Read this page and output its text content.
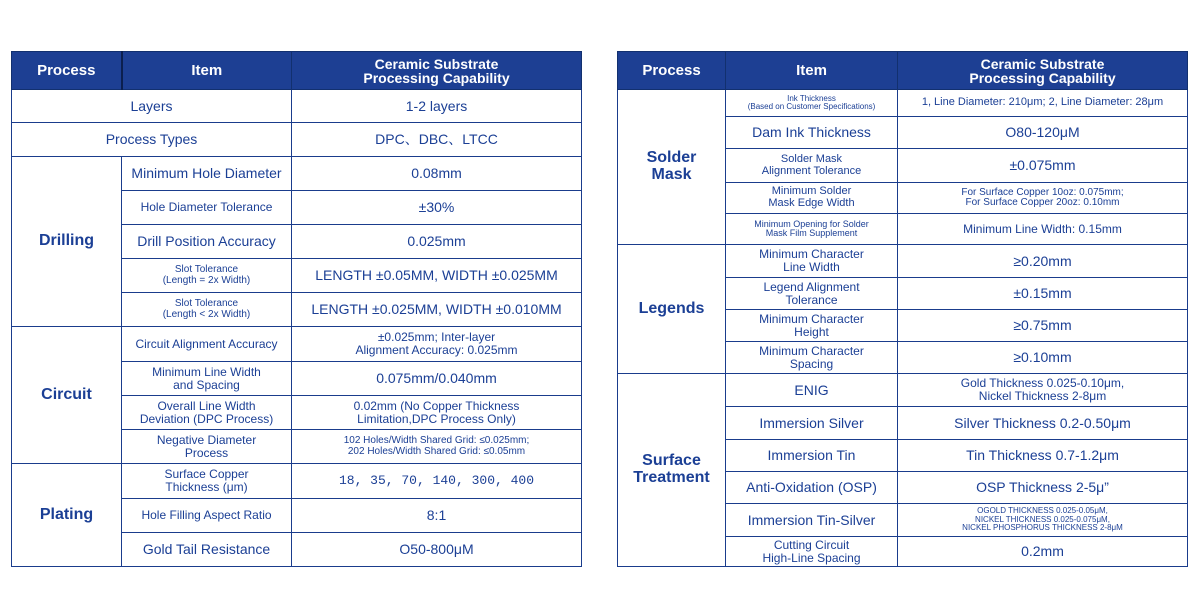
Process	Item	Ceramic Substrate
Processing Capability

Layers		1-2 layers
Process Types		DPC、DBC、LTCC
Drilling	Minimum Hole Diameter	0.08mm
	Hole Diameter Tolerance	±30%
	Drill Position Accuracy	0.025mm
	Slot Tolerance
(Length = 2x Width)	LENGTH ±0.05MM, WIDTH ±0.025MM
	Slot Tolerance
(Length < 2x Width)	LENGTH ±0.025MM, WIDTH ±0.010MM
Circuit	Circuit Alignment Accuracy	±0.025mm; Inter-layer
Alignment Accuracy: 0.025mm
	Minimum Line Width
and Spacing	0.075mm/0.040mm
	Overall Line Width
Deviation (DPC Process)	0.02mm (No Copper Thickness
Limitation,DPC Process Only)
	Negative Diameter
Process	102 Holes/Width Shared Grid: ≤0.025mm;
202 Holes/Width Shared Grid: ≤0.05mm
Plating	Surface Copper
Thickness (μm)	18, 35, 70, 140, 300, 400
	Hole Filling Aspect Ratio	8:1
	Gold Tail Resistance	O50-800μM
Process	Item	Ceramic Substrate
Processing Capability

Solder
Mask	Ink Thickness
(Based on Customer Specifications)	1, Line Diameter: 210μm; 2, Line Diameter: 28μm
	Dam Ink Thickness	O80-120μM
	Solder Mask
Alignment Tolerance	±0.075mm
	Minimum Solder
Mask Edge Width	For Surface Copper 10oz: 0.075mm;
For Surface Copper 20oz: 0.10mm
	Minimum Opening for Solder
Mask Film Supplement	Minimum Line Width: 0.15mm
Legends	Minimum Character
Line Width	≥0.20mm
	Legend Alignment
Tolerance	±0.15mm
	Minimum Character
Height	≥0.75mm
	Minimum Character
Spacing	≥0.10mm
Surface
Treatment	ENIG	Gold Thickness 0.025-0.10μm,
Nickel Thickness 2-8μm
	Immersion Silver	Silver Thickness 0.2-0.50μm
	Immersion Tin	Tin Thickness 0.7-1.2μm
	Anti-Oxidation (OSP)	OSP Thickness 2-5μ”
	Immersion Tin-Silver	OGOLD THICKNESS 0.025-0.05μM,
NICKEL THICKNESS 0.025-0.075μM,
NICKEL PHOSPHORUS THICKNESS 2-8μM
	Cutting Circuit
High-Line Spacing	0.2mm
